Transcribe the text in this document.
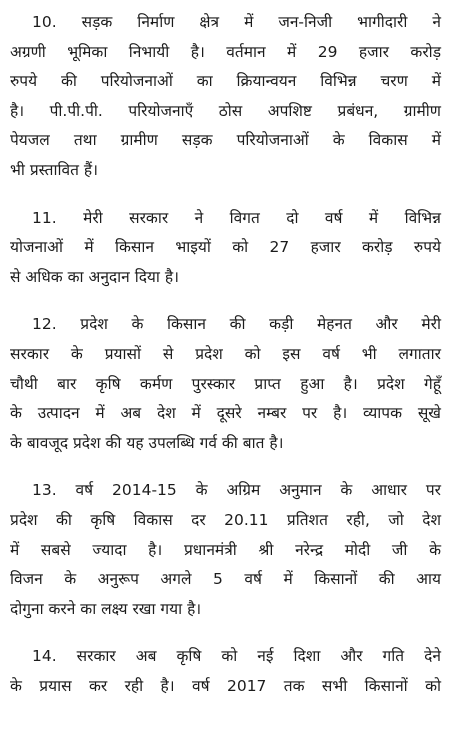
10. सड़क निर्माण क्षेत्र में जन-निजी भागीदारी ने
अग्रणी भूमिका निभायी है। वर्तमान में 29 हजार करोड़
रुपये की परियोजनाओं का क्रियान्वयन विभिन्न चरण में
है। पी.पी.पी. परियोजनाएँ ठोस अपशिष्ट प्रबंधन, ग्रामीण
पेयजल तथा ग्रामीण सड़क परियोजनाओं के विकास में
भी प्रस्तावित हैं।

11. मेरी सरकार ने विगत दो वर्ष में विभिन्न
योजनाओं में किसान भाइयों को 27 हजार करोड़ रुपये
से अधिक का अनुदान दिया है।

12. प्रदेश के किसान की कड़ी मेहनत और मेरी
सरकार के प्रयासों से प्रदेश को इस वर्ष भी लगातार
चौथी बार कृषि कर्मण पुरस्कार प्राप्त हुआ है। प्रदेश गेहूँ
के उत्पादन में अब देश में दूसरे नम्बर पर है। व्यापक सूखे
के बावजूद प्रदेश की यह उपलब्धि गर्व की बात है।

13. वर्ष 2014-15 के अग्रिम अनुमान के आधार पर
प्रदेश की कृषि विकास दर 20.11 प्रतिशत रही, जो देश
में सबसे ज्यादा है। प्रधानमंत्री श्री नरेन्द्र मोदी जी के
विजन के अनुरूप अगले 5 वर्ष में किसानों की आय
दोगुना करने का लक्ष्य रखा गया है।

14. सरकार अब कृषि को नई दिशा और गति देने
के प्रयास कर रही है। वर्ष 2017 तक सभी किसानों को
